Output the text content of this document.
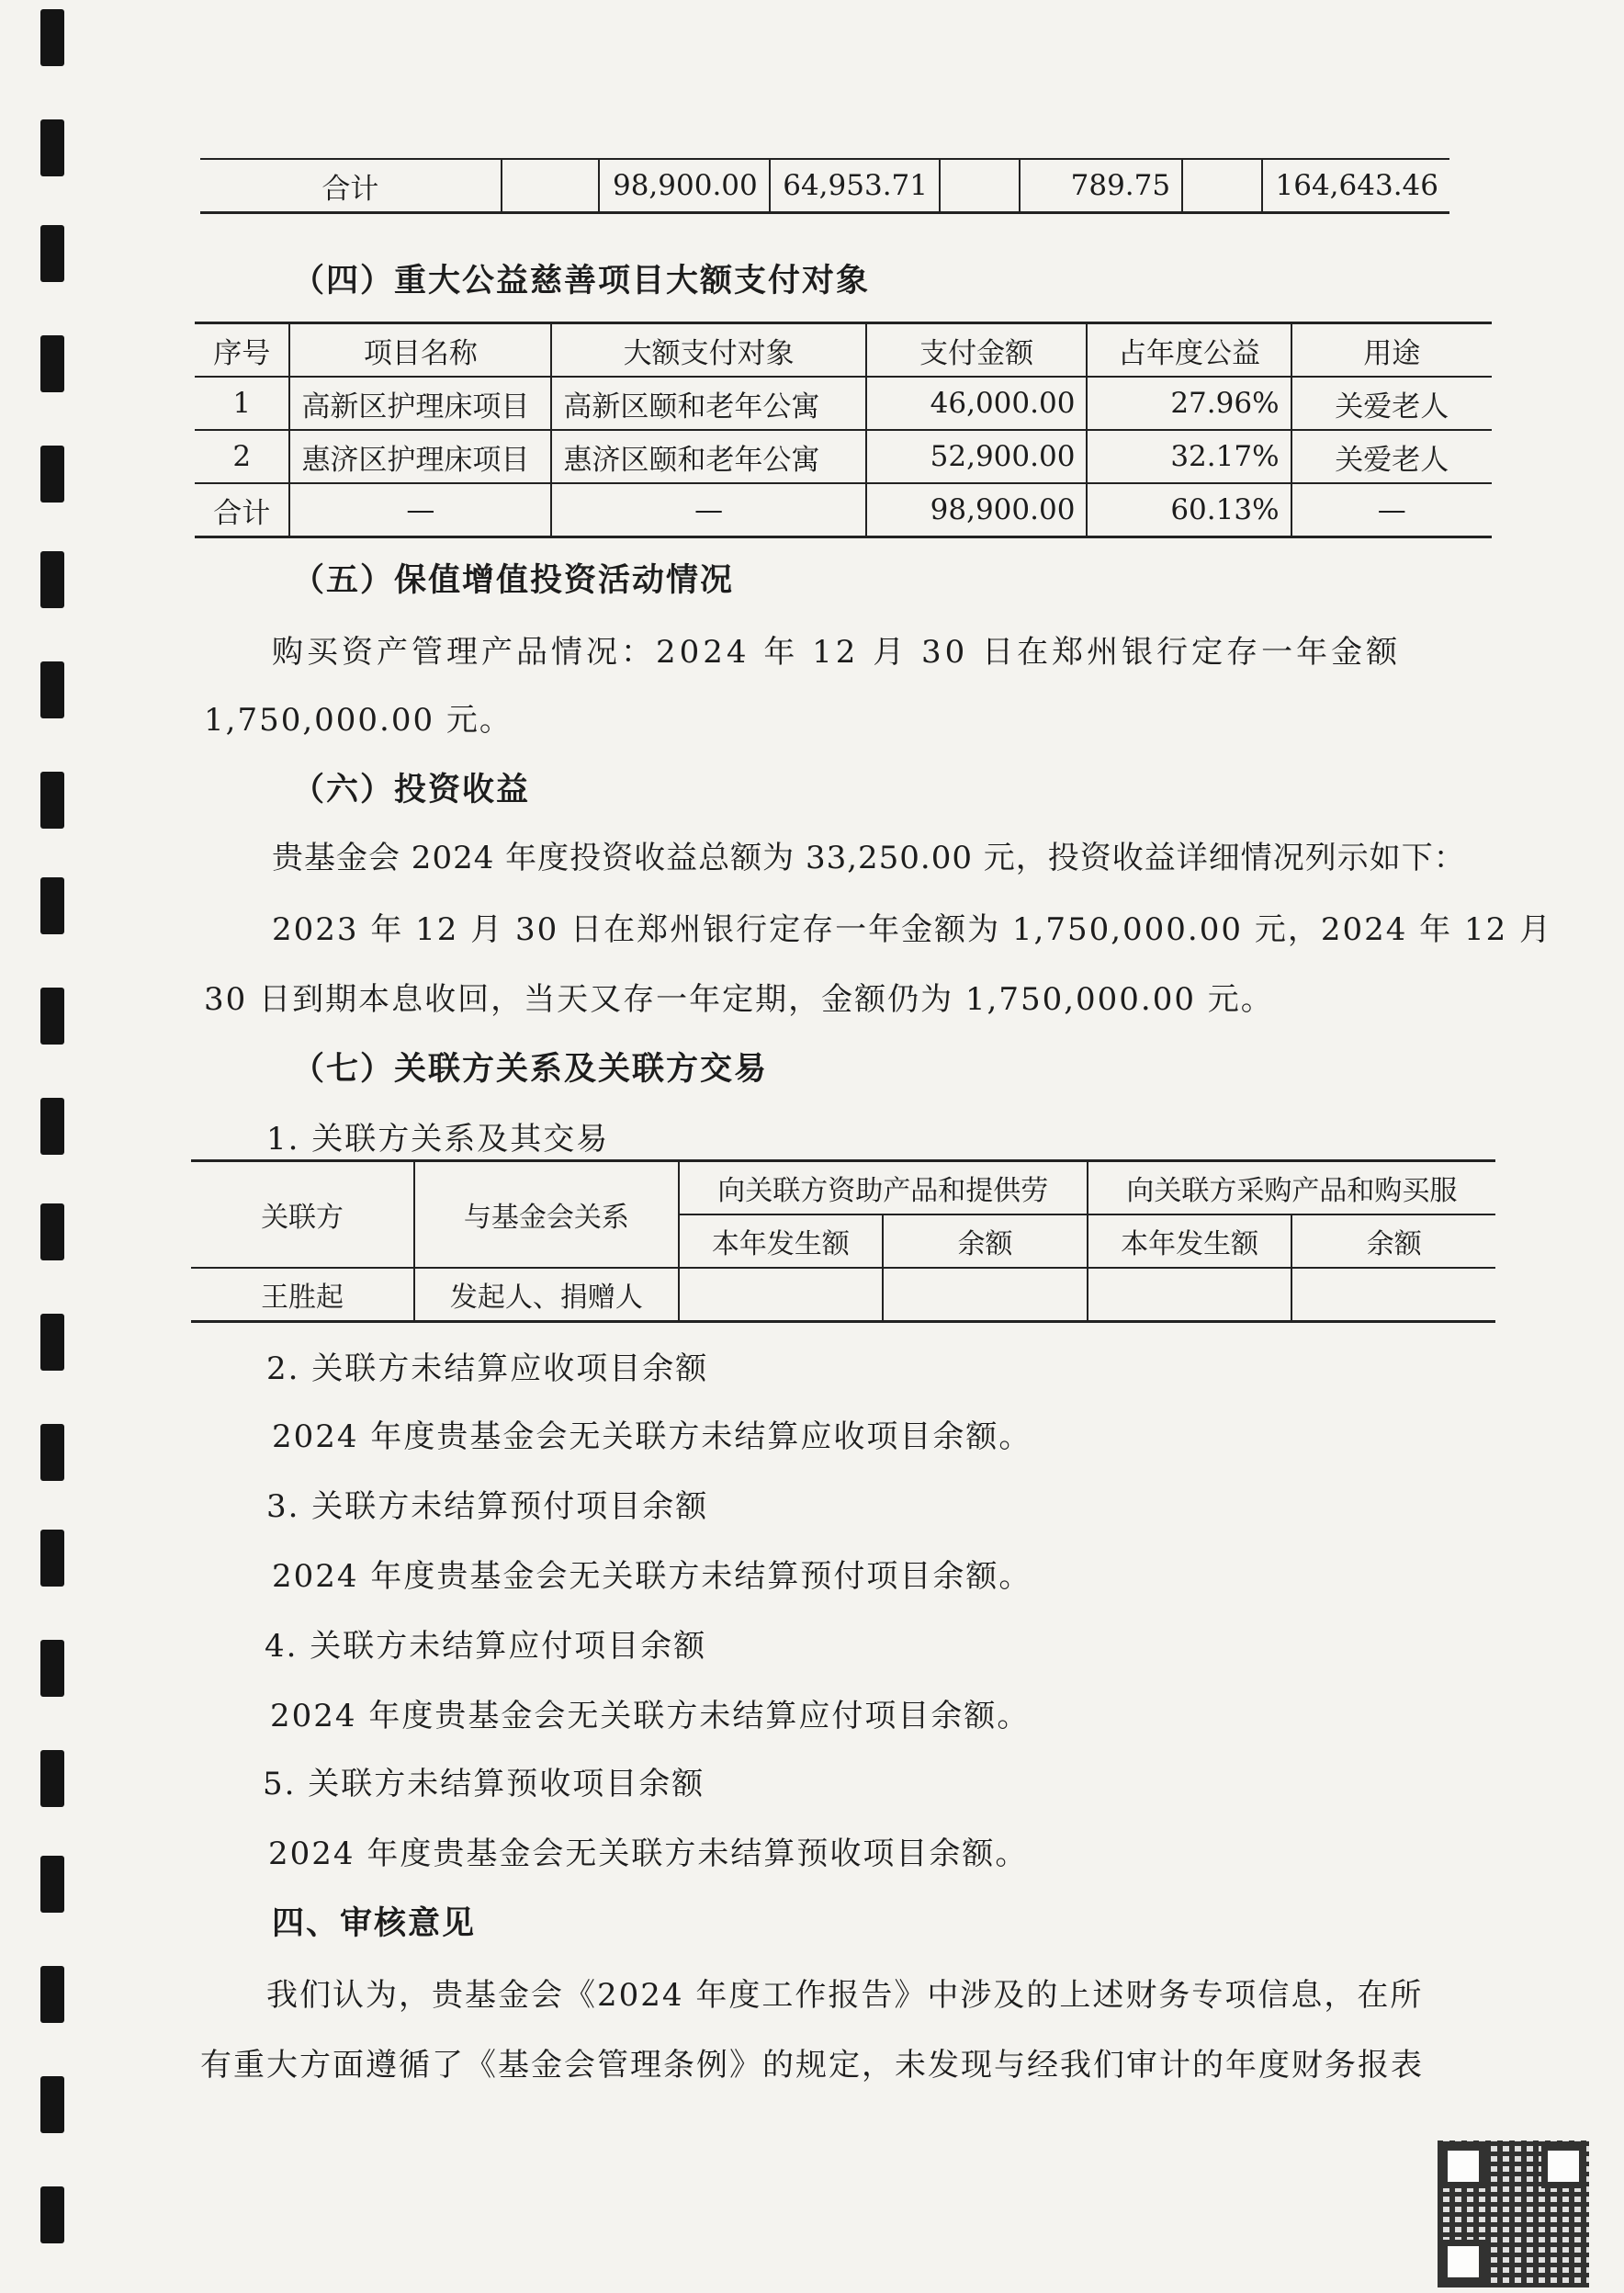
合计		98,900.00	64,953.71		789.75		164,643.46
（四）重大公益慈善项目大额支付对象
序号	项目名称	大额支付对象	支付金额	占年度公益	用途
1	高新区护理床项目	高新区颐和老年公寓	46,000.00	27.96%	关爱老人
2	惠济区护理床项目	惠济区颐和老年公寓	52,900.00	32.17%	关爱老人
合计	—	—	98,900.00	60.13%	—
（五）保值增值投资活动情况
购买资产管理产品情况：2024 年 12 月 30 日在郑州银行定存一年金额
1,750,000.00 元。
（六）投资收益
贵基金会 2024 年度投资收益总额为 33,250.00 元，投资收益详细情况列示如下：
2023 年 12 月 30 日在郑州银行定存一年金额为 1,750,000.00 元，2024 年 12 月
30 日到期本息收回，当天又存一年定期，金额仍为 1,750,000.00 元。
（七）关联方关系及关联方交易
1. 关联方关系及其交易
关联方	与基金会关系	向关联方资助产品和提供劳		向关联方采购产品和购买服	
		本年发生额	余额	本年发生额	余额
王胜起	发起人、捐赠人				
2. 关联方未结算应收项目余额
2024 年度贵基金会无关联方未结算应收项目余额。
3. 关联方未结算预付项目余额
2024 年度贵基金会无关联方未结算预付项目余额。
4. 关联方未结算应付项目余额
2024 年度贵基金会无关联方未结算应付项目余额。
5. 关联方未结算预收项目余额
2024 年度贵基金会无关联方未结算预收项目余额。
四、审核意见
我们认为，贵基金会《2024 年度工作报告》中涉及的上述财务专项信息，在所
有重大方面遵循了《基金会管理条例》的规定，未发现与经我们审计的年度财务报表
